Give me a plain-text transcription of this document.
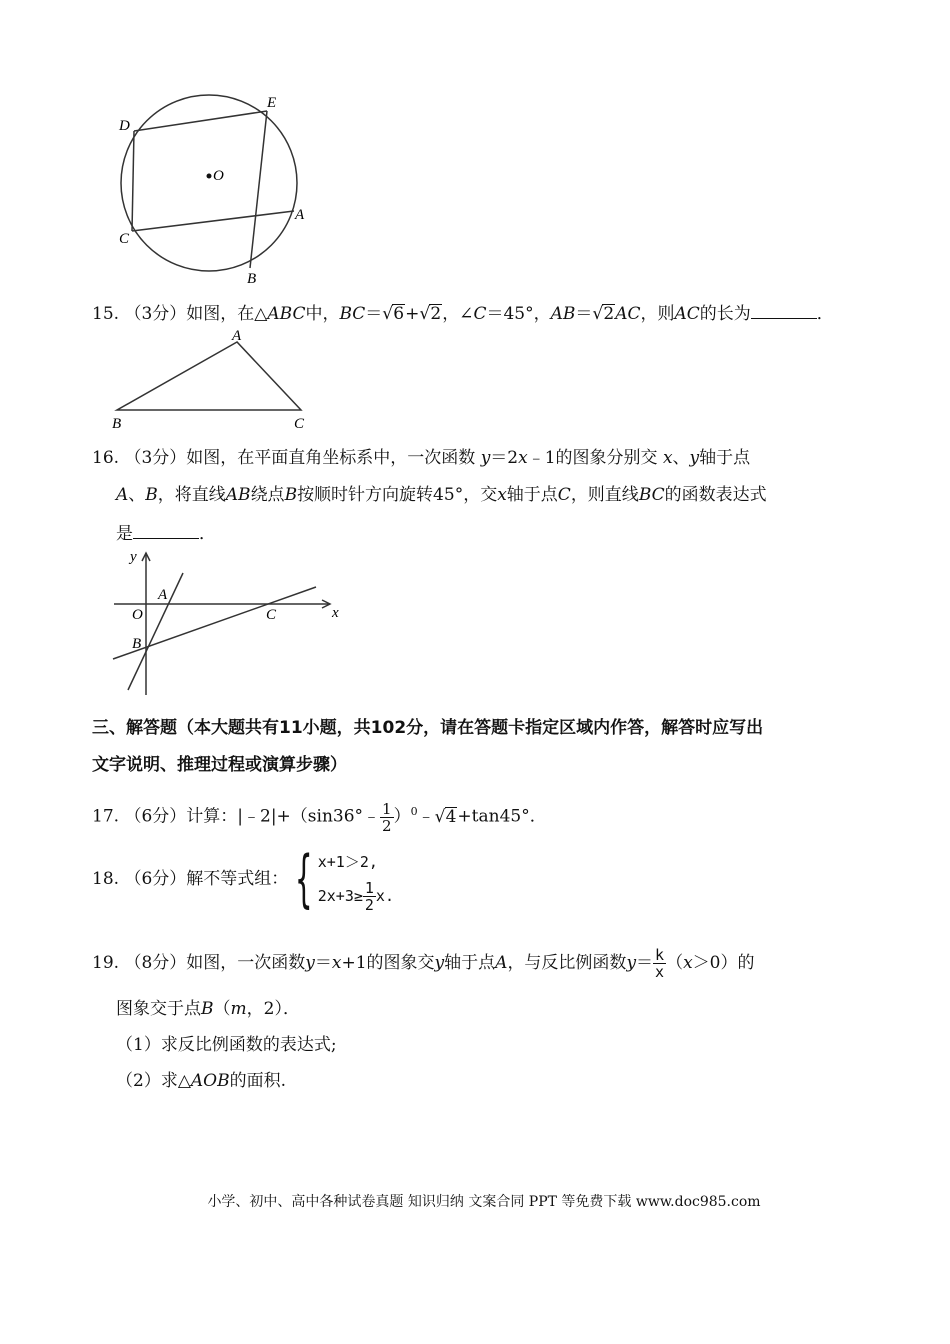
D
E
O
A
C
B
15. （3分）如图，在△ABC中，BC＝ √ 6+ √ 2，∠C＝45°，AB＝ √ 2AC，则AC的长为	．
A
B	C
16. （3分）如图，在平面直角坐标系中，一次函数 y＝2x﹣1的图象分别交 x、y轴于点
A、B，将直线AB绕点B按顺时针方向旋转45°，交x轴于点C，则直线BC的函数表达式
是	．
y
x
O
A
B
C
三、解答题（本大题共有11小题，共102分，请在答题卡指定区域内作答，解答时应写出
文字说明、推理过程或演算步骤）
17. （6分）计算：|﹣2|+（sin36°﹣ $\frac{1}{2}$ ）$^0$﹣ √ 4+tan45°．
18. （6分）解不等式组： { x+1＞2,
$2x+3\ge \frac{1}{2} x$.
19. （8分）如图，一次函数y＝x+1的图象交y轴于点A，与反比例函数$y= \frac{k}{x} (x>0)$的
图象交于点B（m，2）．
（1）求反比例函数的表达式;
（2）求△AOB的面积.
小学、初中、高中各种试卷真题 知识归纳 文案合同 PPT 等免费下载 www.doc985.com
